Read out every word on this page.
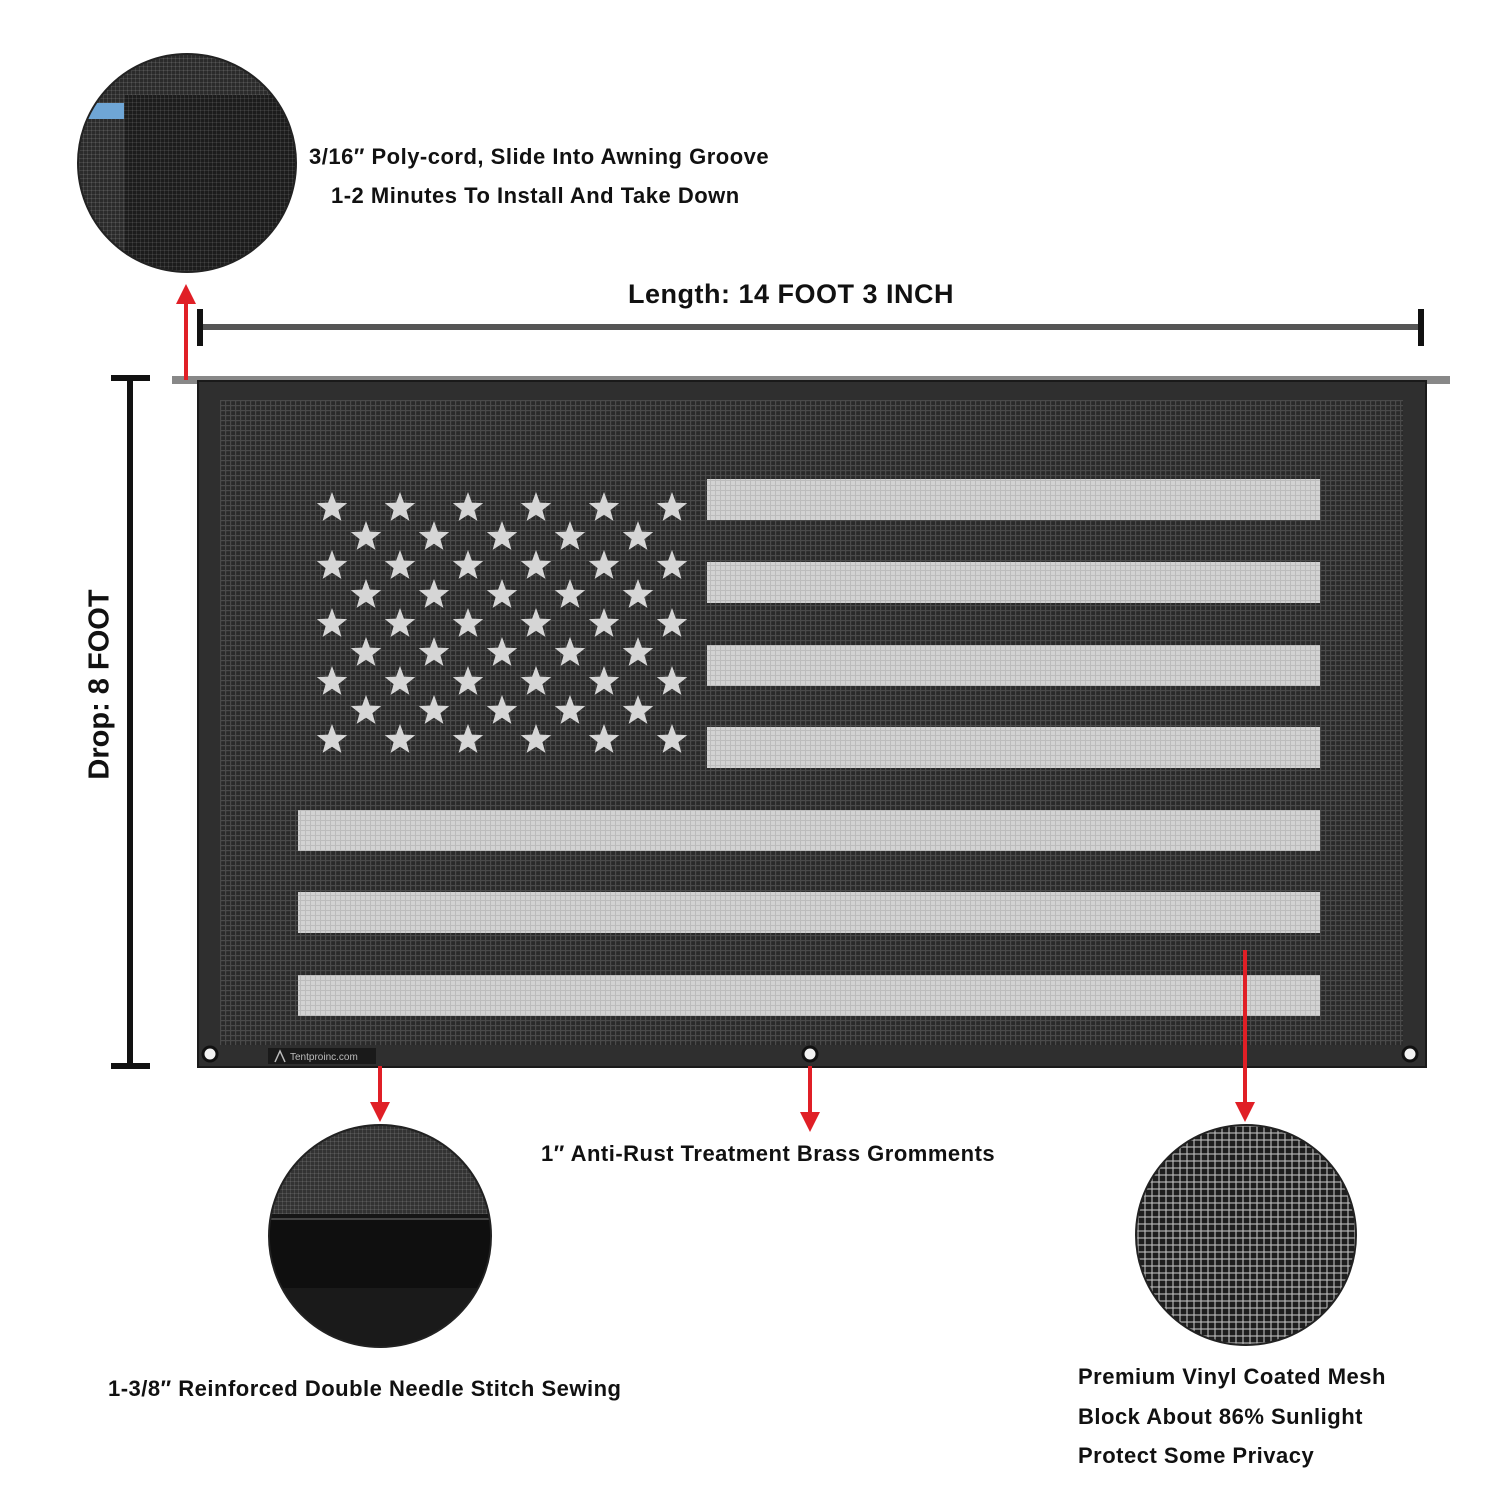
3/16″ Poly-cord, Slide Into Awning Groove
1-2 Minutes To Install And Take Down
Length: 14 FOOT 3 INCH
Drop: 8 FOOT
Tentproinc.com
1″ Anti-Rust Treatment Brass Gromments
1-3/8″ Reinforced Double Needle Stitch Sewing	Premium Vinyl Coated Mesh
Block About 86% Sunlight
Protect Some Privacy
